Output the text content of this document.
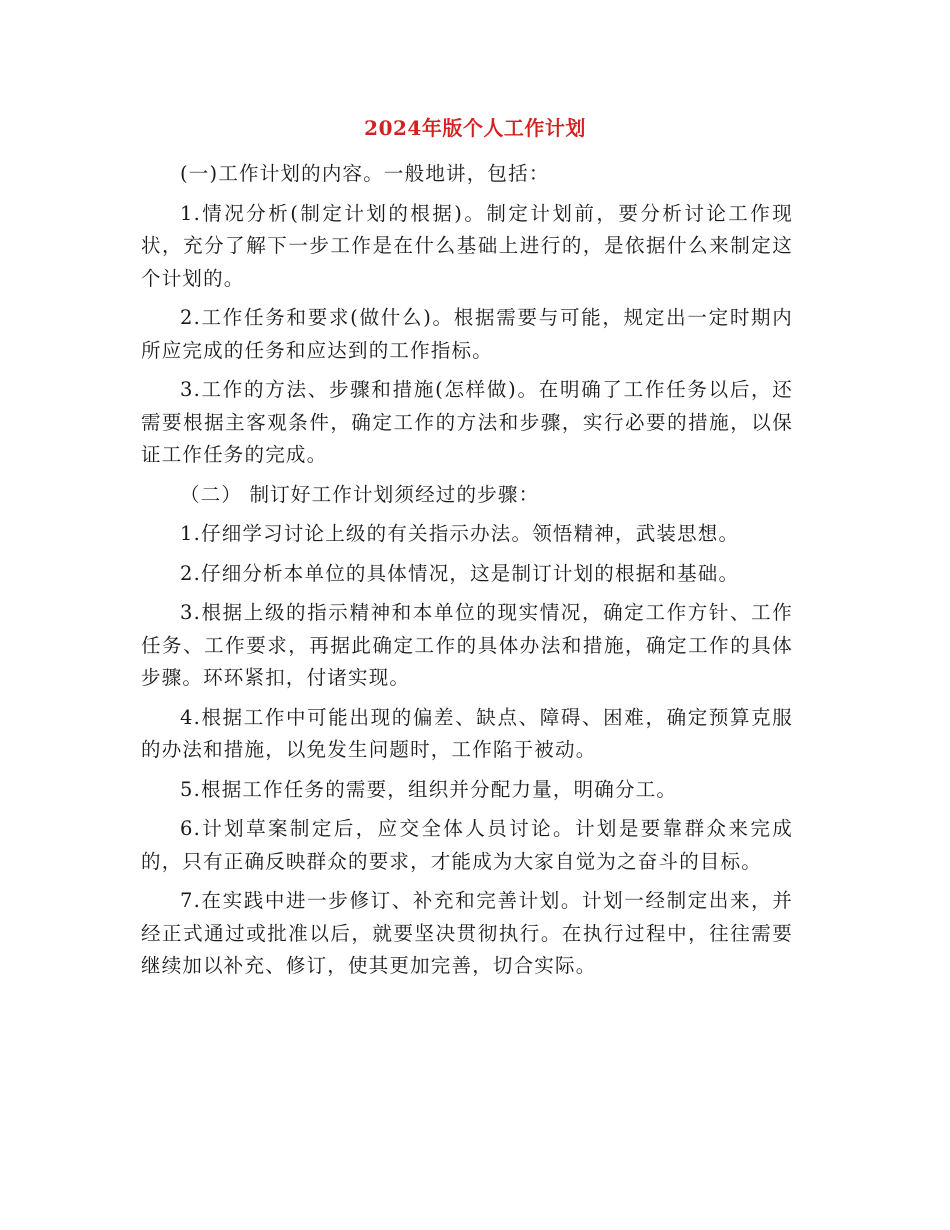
2024年版个人工作计划

(一)工作计划的内容。一般地讲，包括：

1.情况分析(制定计划的根据)。制定计划前，要分析讨论工作现状，充分了解下一步工作是在什么基础上进行的，是依据什么来制定这个计划的。

2.工作任务和要求(做什么)。根据需要与可能，规定出一定时期内所应完成的任务和应达到的工作指标。

3.工作的方法、步骤和措施(怎样做)。在明确了工作任务以后，还需要根据主客观条件，确定工作的方法和步骤，实行必要的措施，以保证工作任务的完成。

（二） 制订好工作计划须经过的步骤：

1.仔细学习讨论上级的有关指示办法。领悟精神，武装思想。

2.仔细分析本单位的具体情况，这是制订计划的根据和基础。

3.根据上级的指示精神和本单位的现实情况，确定工作方针、工作任务、工作要求，再据此确定工作的具体办法和措施，确定工作的具体步骤。环环紧扣，付诸实现。

4.根据工作中可能出现的偏差、缺点、障碍、困难，确定预算克服的办法和措施，以免发生问题时，工作陷于被动。

5.根据工作任务的需要，组织并分配力量，明确分工。

6.计划草案制定后，应交全体人员讨论。计划是要靠群众来完成的，只有正确反映群众的要求，才能成为大家自觉为之奋斗的目标。

7.在实践中进一步修订、补充和完善计划。计划一经制定出来，并经正式通过或批准以后，就要坚决贯彻执行。在执行过程中，往往需要继续加以补充、修订，使其更加完善，切合实际。
